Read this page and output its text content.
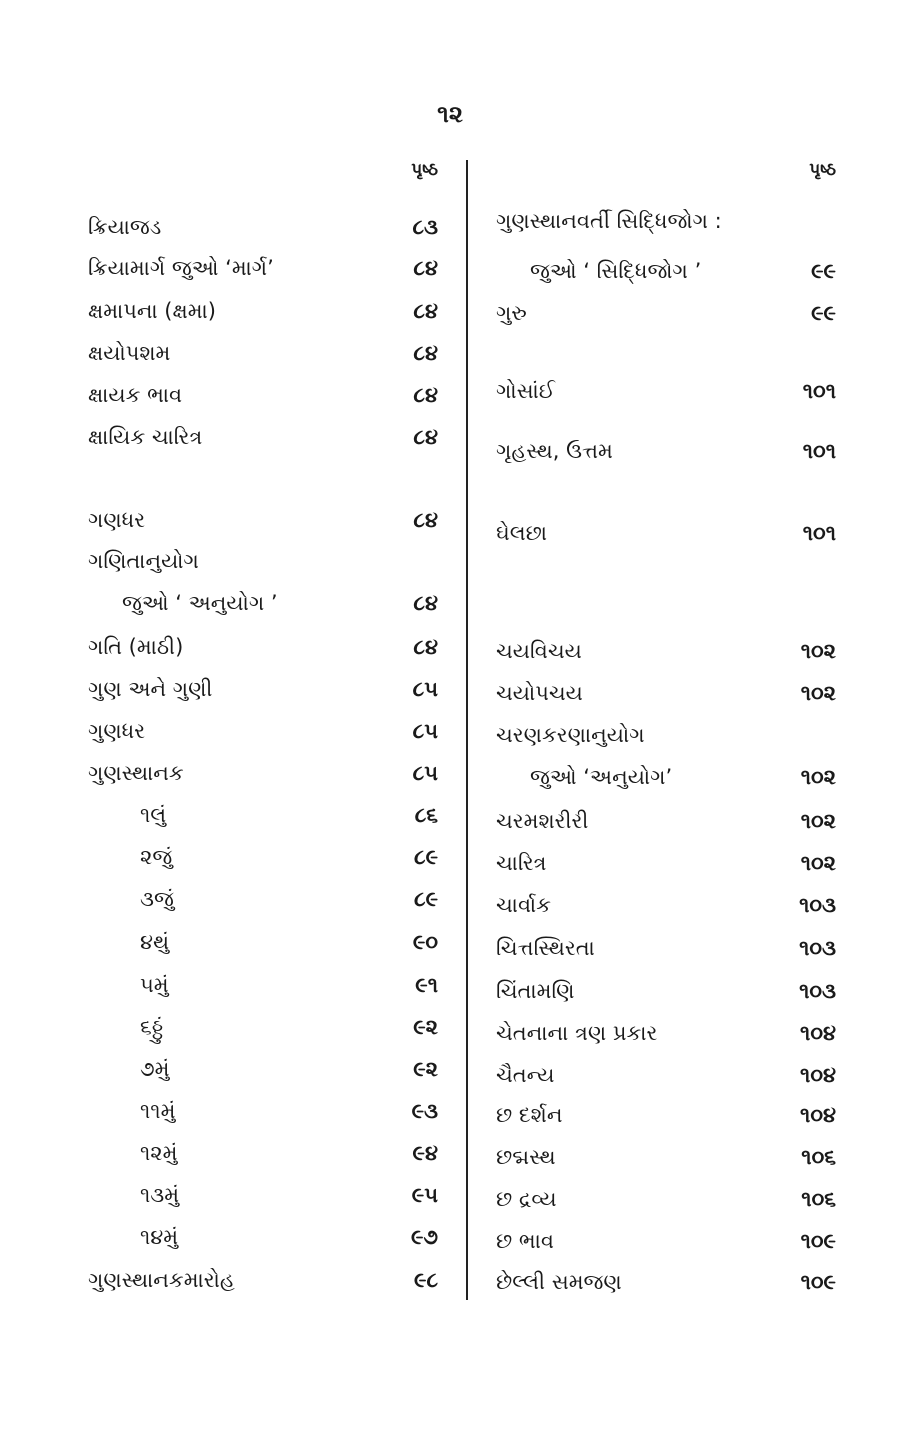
૧૨
પૃષ્ઠ
ક્રિયાજડ	૮૩
ક્રિયામાર્ગ જુઓ ‘માર્ગ’	૮૪
ક્ષમાપના (ક્ષમા)	૮૪
ક્ષયોપશમ	૮૪
ક્ષાયક ભાવ	૮૪
ક્ષાયિક ચારિત્ર	૮૪
ગણધર	૮૪
ગણિતાનુયોગ
જુઓ ‘ અનુયોગ ’	૮૪
ગતિ (માઠી)	૮૪
ગુણ અને ગુણી	૮૫
ગુણધર	૮૫
ગુણસ્થાનક	૮૫
૧લું	૮૬
૨જું	૮૯
૩જું	૮૯
૪થું	૯૦
૫મું	૯૧
૬ઠ્ઠું	૯૨
૭મું	૯૨
૧૧મું	૯૩
૧૨મું	૯૪
૧૩મું	૯૫
૧૪મું	૯૭
ગુણસ્થાનકમારોહ	૯૮
પૃષ્ઠ
ગુણસ્થાનવર્તી સિદ્ધિજોગ :
જુઓ ‘ સિદ્ધિજોગ ’	૯૯
ગુરુ	૯૯
ગોસાંઈ	૧૦૧
ગૃહસ્થ, ઉત્તમ	૧૦૧
ઘેલછા	૧૦૧
ચયવિચય	૧૦૨
ચયોપચય	૧૦૨
ચરણકરણાનુયોગ
જુઓ ‘અનુયોગ’	૧૦૨
ચરમશરીરી	૧૦૨
ચારિત્ર	૧૦૨
ચાર્વાક	૧૦૩
ચિત્તસ્થિરતા	૧૦૩
ચિંતામણિ	૧૦૩
ચેતનાના ત્રણ પ્રકાર	૧૦૪
ચૈતન્ય	૧૦૪
છ દર્શન	૧૦૪
છદ્મસ્થ	૧૦૬
છ દ્રવ્ય	૧૦૬
છ ભાવ	૧૦૯
છેલ્લી સમજણ	૧૦૯
